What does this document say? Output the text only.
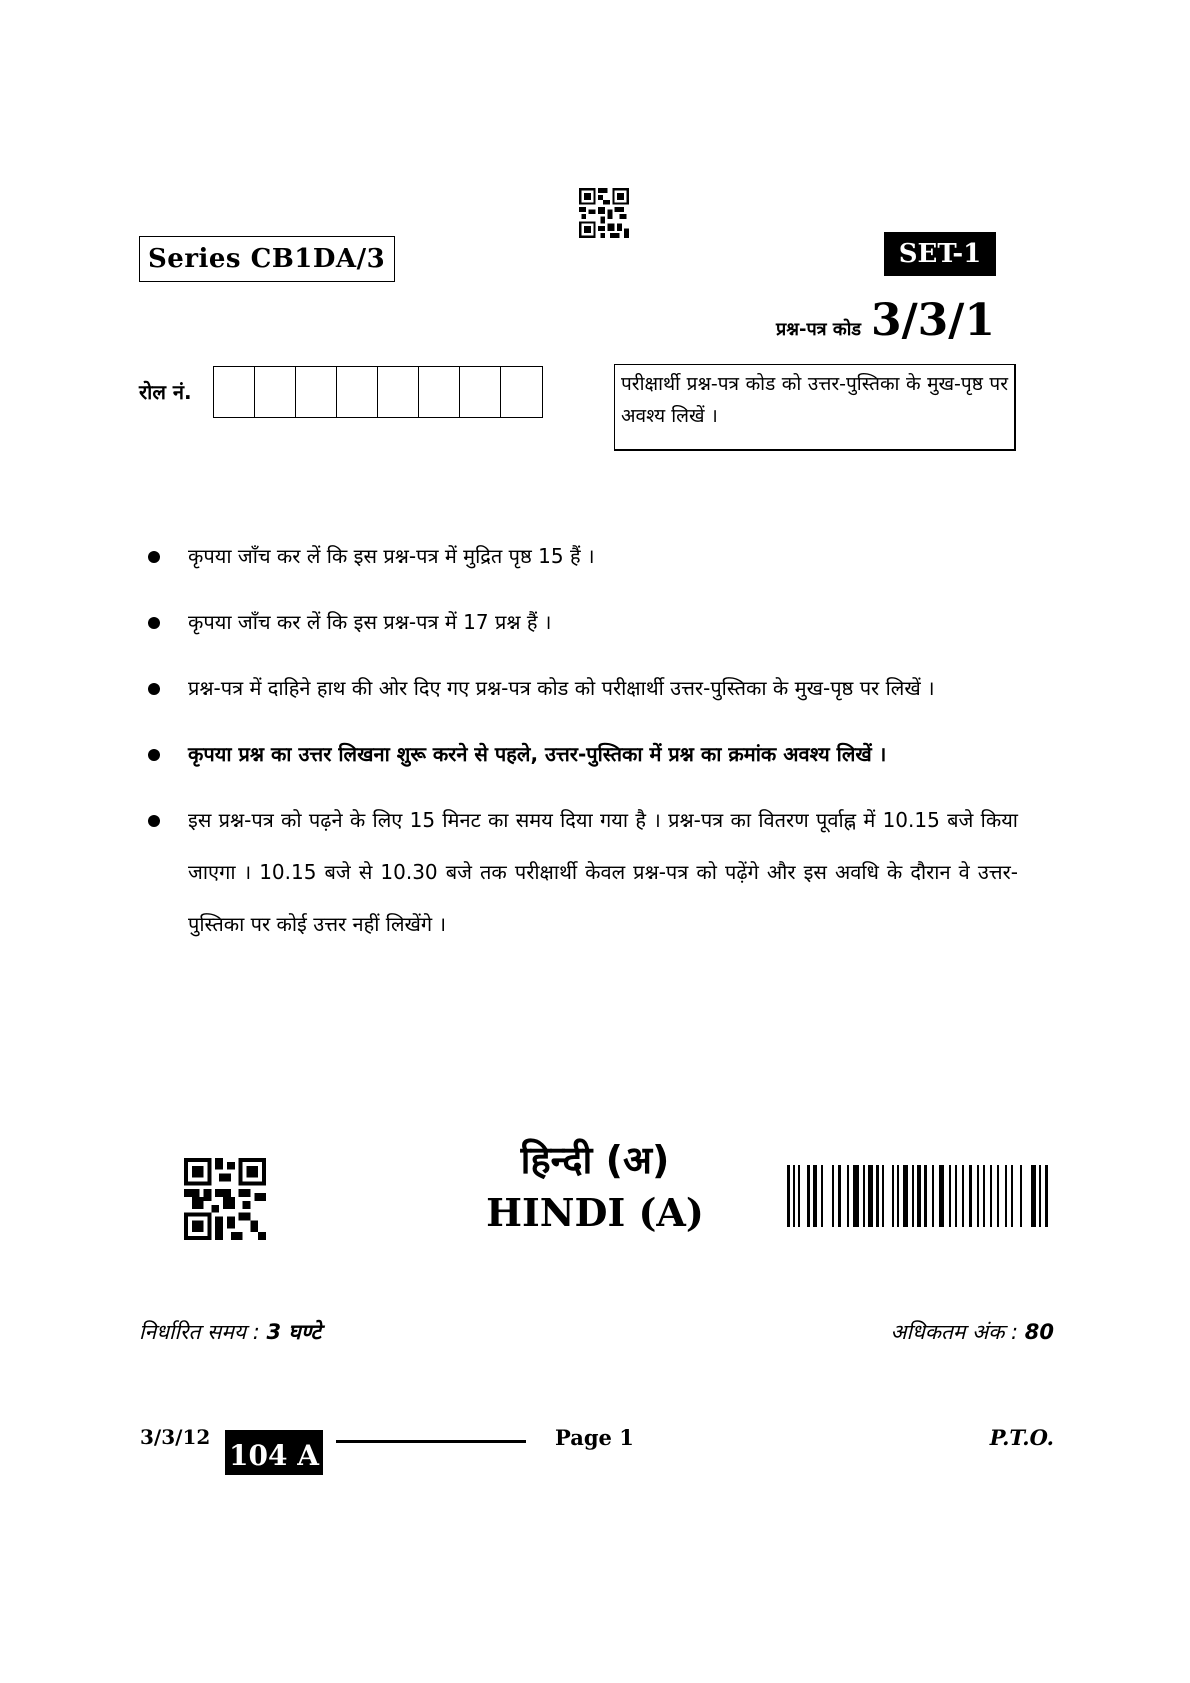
Series CB1DA/3	SET-1
प्रश्न-पत्र कोड 3/3/1
रोल नं.	परीक्षार्थी प्रश्न-पत्र कोड को उत्तर-पुस्तिका के मुख-पृष्ठ पर अवश्य लिखें ।
कृपया जाँच कर लें कि इस प्रश्न-पत्र में मुद्रित पृष्ठ 15 हैं ।
कृपया जाँच कर लें कि इस प्रश्न-पत्र में 17 प्रश्न हैं ।
प्रश्न-पत्र में दाहिने हाथ की ओर दिए गए प्रश्न-पत्र कोड को परीक्षार्थी उत्तर-पुस्तिका के मुख-पृष्ठ पर लिखें ।
कृपया प्रश्न का उत्तर लिखना शुरू करने से पहले, उत्तर-पुस्तिका में प्रश्न का क्रमांक अवश्य लिखें ।
इस प्रश्न-पत्र को पढ़ने के लिए 15 मिनट का समय दिया गया है । प्रश्न-पत्र का वितरण पूर्वाह्न में 10.15 बजे किया जाएगा । 10.15 बजे से 10.30 बजे तक परीक्षार्थी केवल प्रश्न-पत्र को पढ़ेंगे और इस अवधि के दौरान वे उत्तर-पुस्तिका पर कोई उत्तर नहीं लिखेंगे ।
हिन्दी (अ)
HINDI (A)
निर्धारित समय : 3 घण्टे	अधिकतम अंक : 80
3/3/12
104 A
Page 1	P.T.O.
